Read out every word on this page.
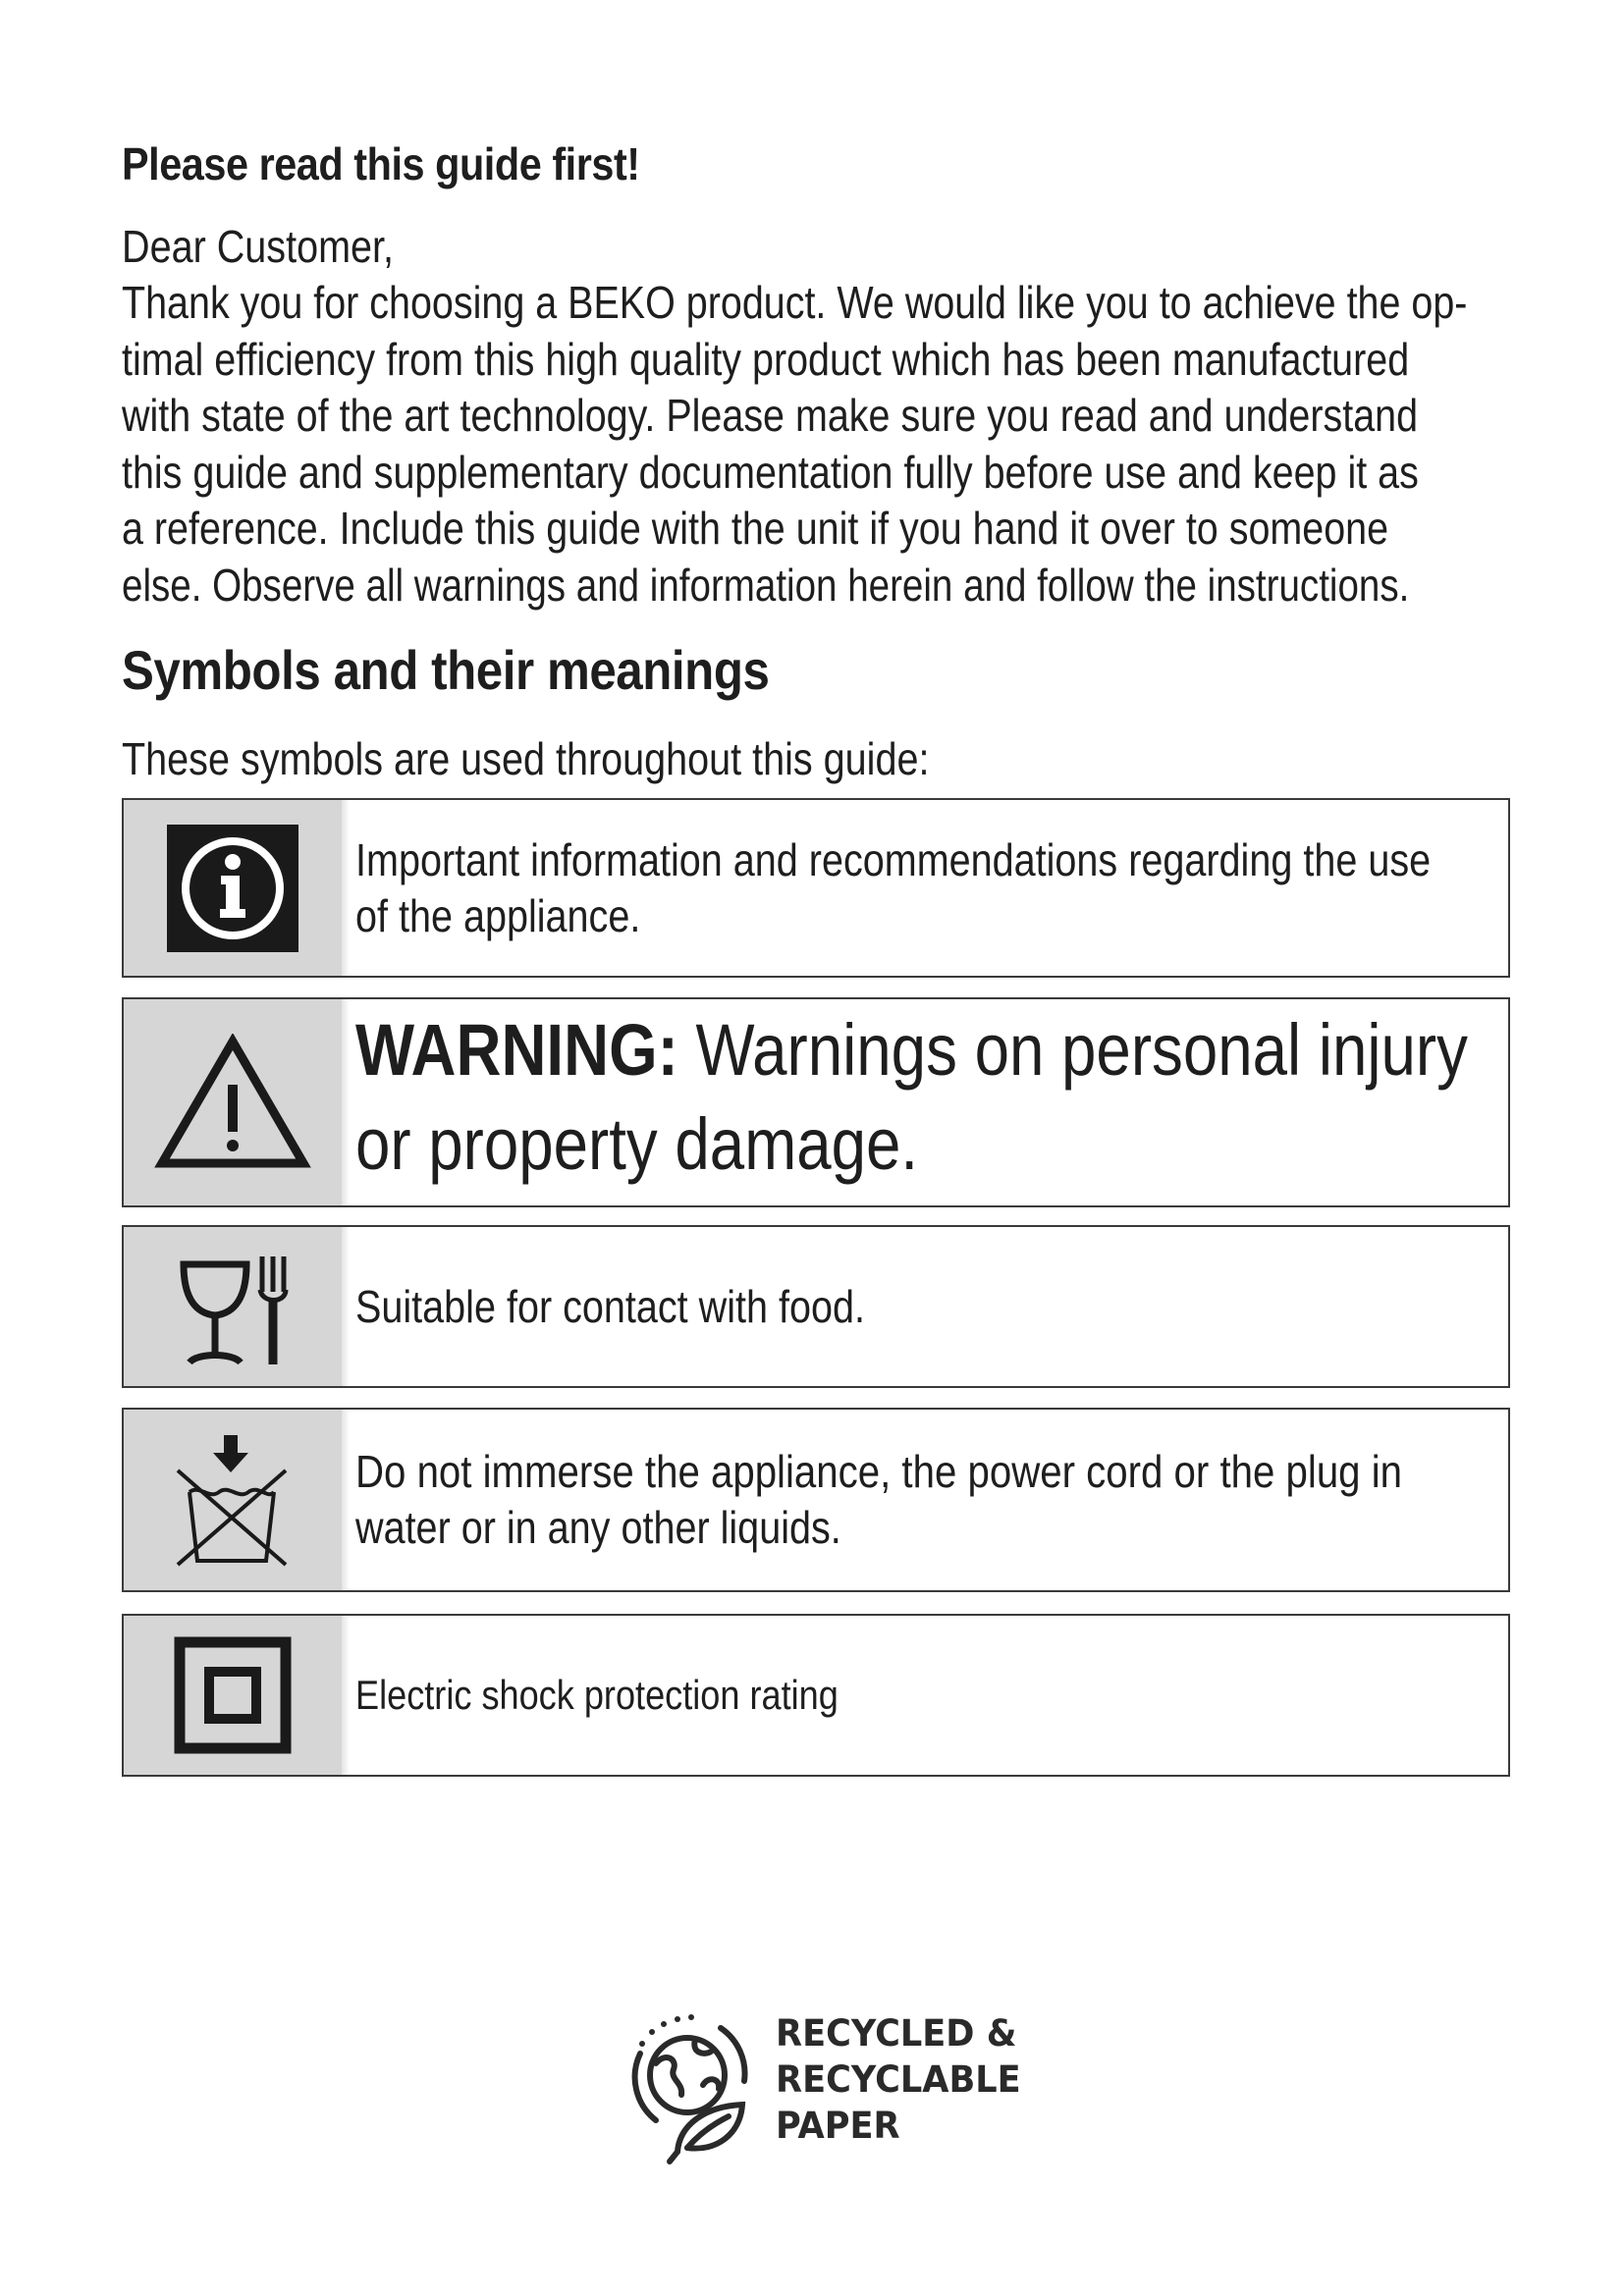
Please read this guide first!
Dear Customer,
Thank you for choosing a BEKO product. We would like you to achieve the op-
timal efficiency from this high quality product which has been manufactured
with state of the art technology. Please make sure you read and understand
this guide and supplementary documentation fully before use and keep it as
a reference. Include this guide with the unit if you hand it over to someone
else. Observe all warnings and information herein and follow the instructions.
Symbols and their meanings
These symbols are used throughout this guide:
Important information and recommendations regarding the use
of the appliance.
WARNING: Warnings on personal injury
or property damage.
Suitable for contact with food.
Do not immerse the appliance, the power cord or the plug in
water or in any other liquids.
Electric shock protection rating
RECYCLED &
RECYCLABLE
PAPER
